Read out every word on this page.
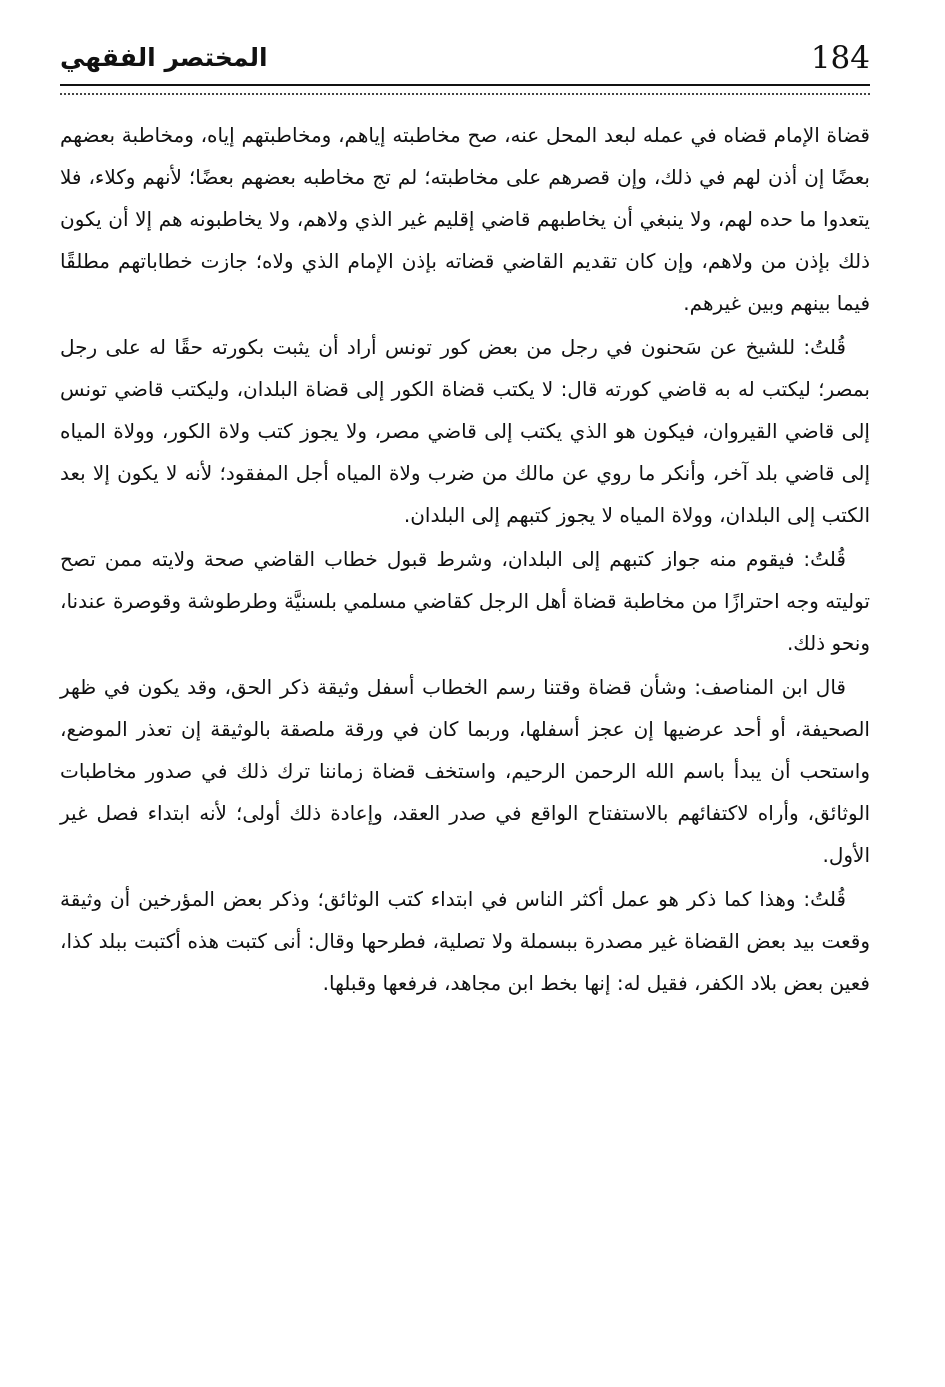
184
المختصر الفقهي

قضاة الإمام قضاه في عمله لبعد المحل عنه، صح مخاطبته إياهم، ومخاطبتهم إياه، ومخاطبة بعضهم بعضًا إن أذن لهم في ذلك، وإن قصرهم على مخاطبته؛ لم تج مخاطبه بعضهم بعضًا؛ لأنهم وكلاء، فلا يتعدوا ما حده لهم، ولا ينبغي أن يخاطبهم قاضي إقليم غير الذي ولاهم، ولا يخاطبونه هم إلا أن يكون ذلك بإذن من ولاهم، وإن كان تقديم القاضي قضاته بإذن الإمام الذي ولاه؛ جازت خطاباتهم مطلقًا فيما بينهم وبين غيرهم.

قُلتُ: للشيخ عن سَحنون في رجل من بعض كور تونس أراد أن يثبت بكورته حقًا له على رجل بمصر؛ ليكتب له به قاضي كورته قال: لا يكتب قضاة الكور إلى قضاة البلدان، وليكتب قاضي تونس إلى قاضي القيروان، فيكون هو الذي يكتب إلى قاضي مصر، ولا يجوز كتب ولاة الكور، وولاة المياه إلى قاضي بلد آخر، وأنكر ما روي عن مالك من ضرب ولاة المياه أجل المفقود؛ لأنه لا يكون إلا بعد الكتب إلى البلدان، وولاة المياه لا يجوز كتبهم إلى البلدان.

قُلتُ: فيقوم منه جواز كتبهم إلى البلدان، وشرط قبول خطاب القاضي صحة ولايته ممن تصح توليته وجه احترازًا من مخاطبة قضاة أهل الرجل كقاضي مسلمي بلسنيَّة وطرطوشة وقوصرة عندنا، ونحو ذلك.

قال ابن المناصف: وشأن قضاة وقتنا رسم الخطاب أسفل وثيقة ذكر الحق، وقد يكون في ظهر الصحيفة، أو أحد عرضيها إن عجز أسفلها، وربما كان في ورقة ملصقة بالوثيقة إن تعذر الموضع، واستحب أن يبدأ باسم الله الرحمن الرحيم، واستخف قضاة زماننا ترك ذلك في صدور مخاطبات الوثائق، وأراه لاكتفائهم بالاستفتاح الواقع في صدر العقد، وإعادة ذلك أولى؛ لأنه ابتداء فصل غير الأول.

قُلتُ: وهذا كما ذكر هو عمل أكثر الناس في ابتداء كتب الوثائق؛ وذكر بعض المؤرخين أن وثيقة وقعت بيد بعض القضاة غير مصدرة ببسملة ولا تصلية، فطرحها وقال: أنى كتبت هذه أكتبت ببلد كذا، فعين بعض بلاد الكفر، فقيل له: إنها بخط ابن مجاهد، فرفعها وقبلها.
